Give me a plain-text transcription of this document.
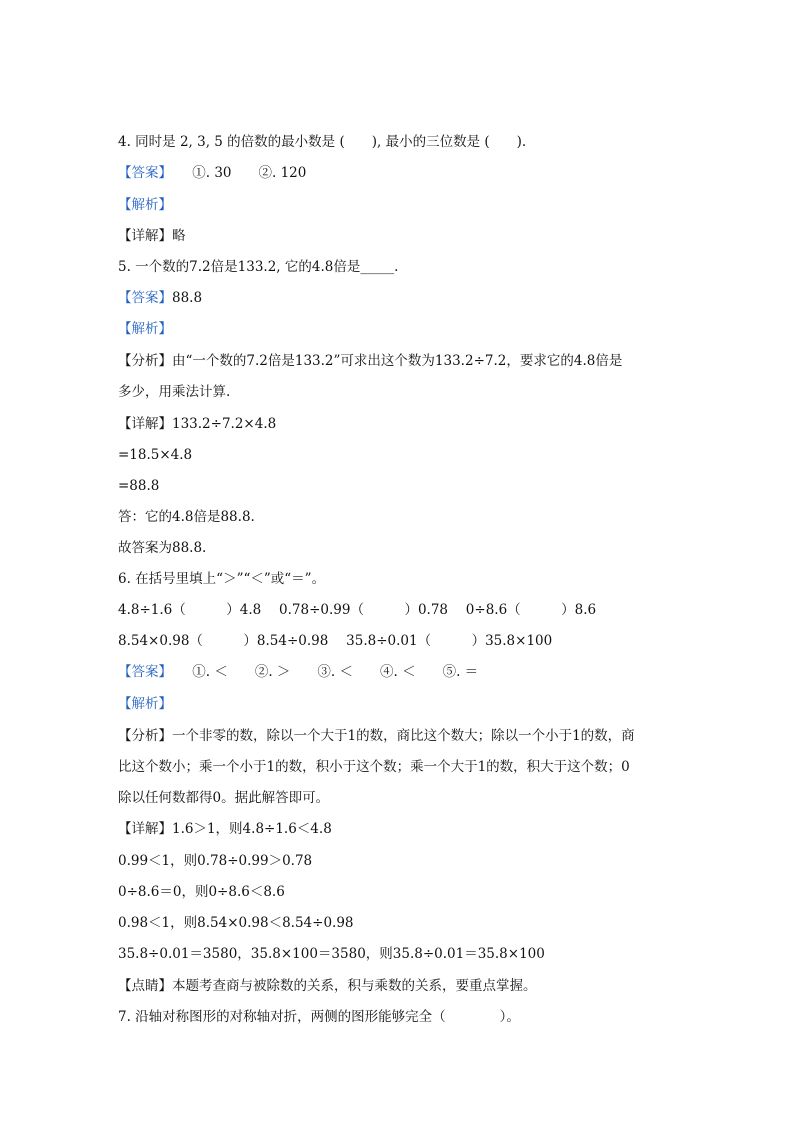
4. 同时是 2, 3, 5 的倍数的最小数是 (　　), 最小的三位数是 (　　).
【答案】　　①. 30　　②. 120
【解析】
【详解】略
5. 一个数的7.2倍是133.2, 它的4.8倍是_____.
【答案】88.8
【解析】
【分析】由“一个数的7.2倍是133.2”可求出这个数为133.2÷7.2，要求它的4.8倍是
多少，用乘法计算.
【详解】133.2÷7.2×4.8
=18.5×4.8
=88.8
答：它的4.8倍是88.8.
故答案为88.8.
6. 在括号里填上“＞”“＜”或“＝”。
4.8÷1.6（　　　）4.8　 0.78÷0.99（　　　）0.78　 0÷8.6（　　　）8.6
8.54×0.98（　　　）8.54÷0.98　 35.8÷0.01（　　　）35.8×100
【答案】　　①. ＜　　②. ＞　　③. ＜　　④. ＜　　⑤. ＝
【解析】
【分析】一个非零的数，除以一个大于1的数，商比这个数大；除以一个小于1的数，商
比这个数小；乘一个小于1的数，积小于这个数；乘一个大于1的数，积大于这个数；0
除以任何数都得0。据此解答即可。
【详解】1.6＞1，则4.8÷1.6＜4.8
0.99＜1，则0.78÷0.99＞0.78
0÷8.6＝0，则0÷8.6＜8.6
0.98＜1，则8.54×0.98＜8.54÷0.98
35.8÷0.01＝3580，35.8×100＝3580，则35.8÷0.01＝35.8×100
【点睛】本题考查商与被除数的关系，积与乘数的关系，要重点掌握。
7. 沿轴对称图形的对称轴对折，两侧的图形能够完全（　　　　）。
